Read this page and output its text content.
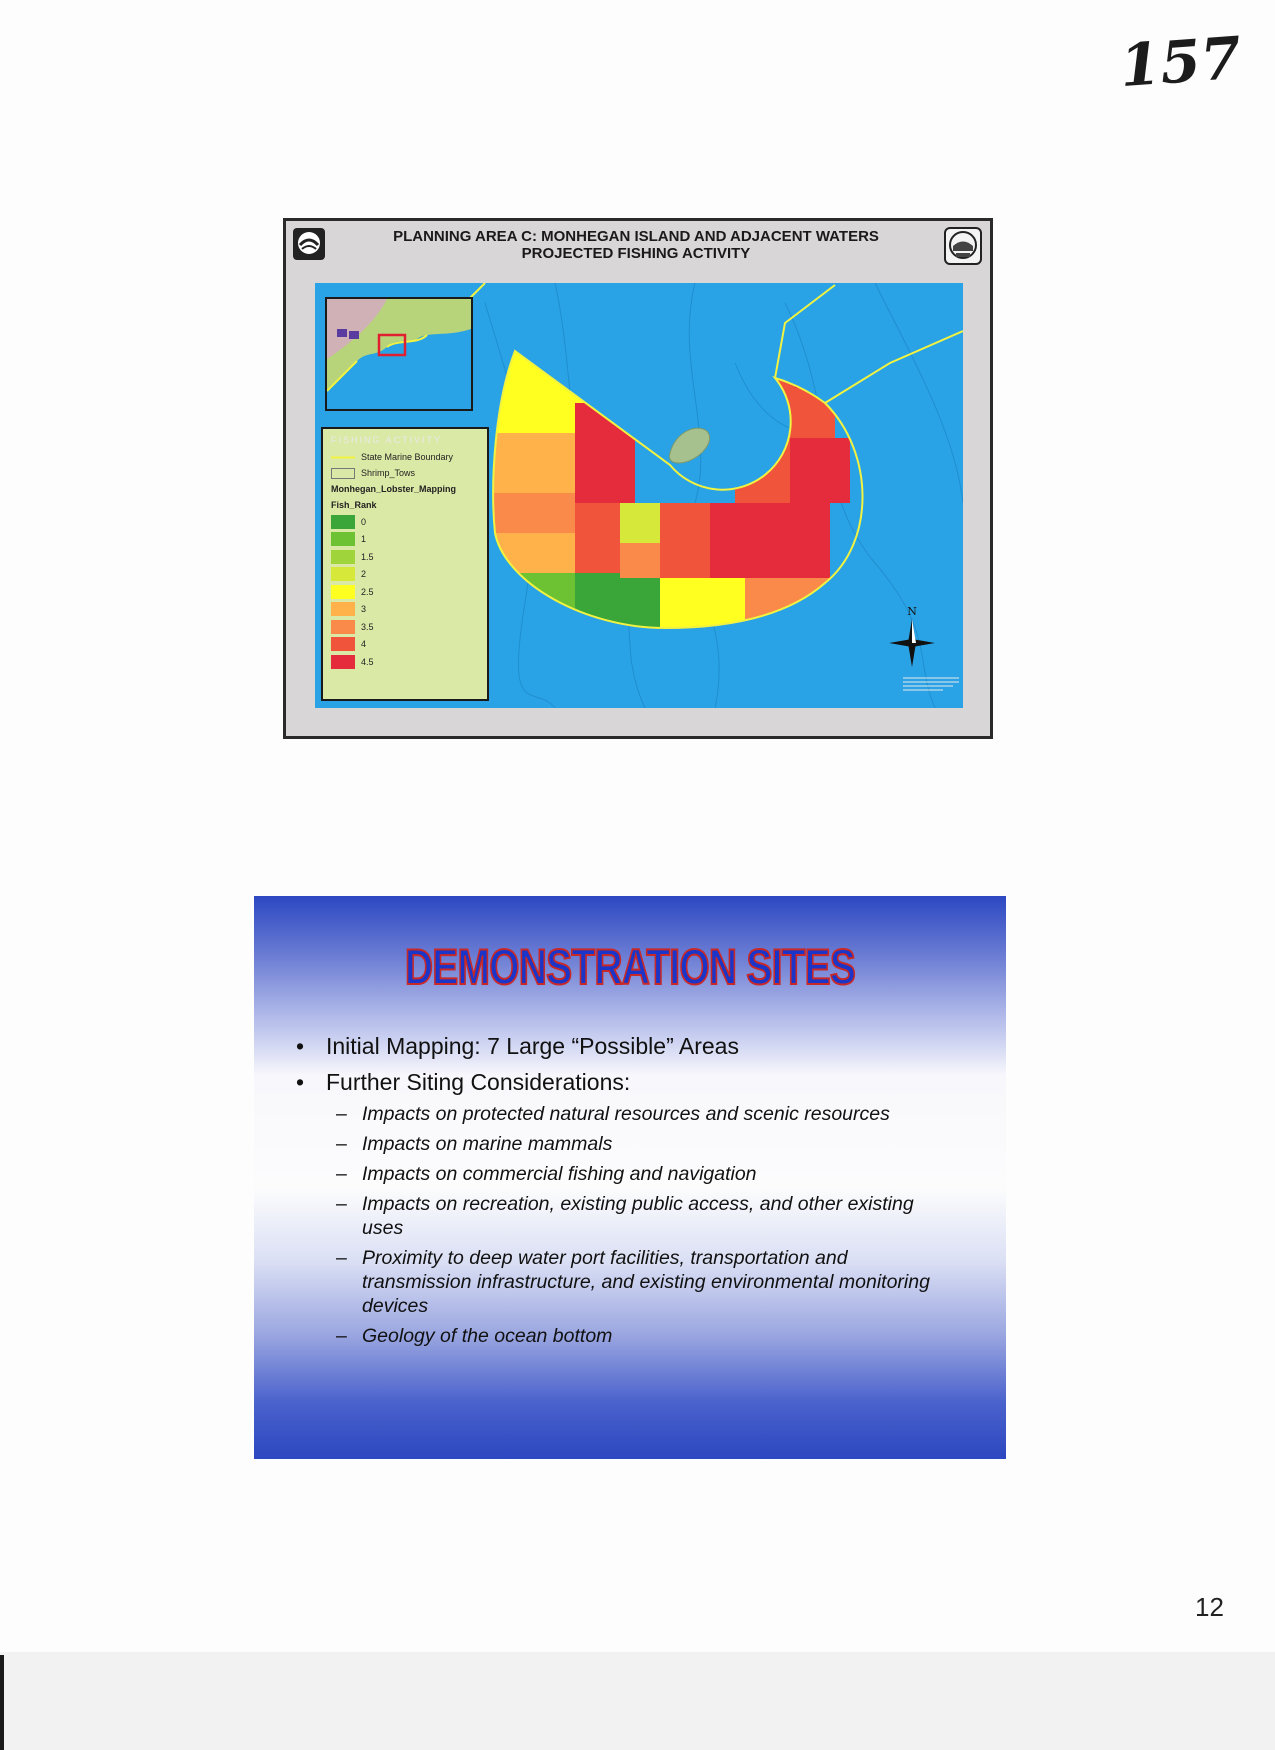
157
PLANNING AREA C: MONHEGAN ISLAND AND ADJACENT WATERS
PROJECTED FISHING ACTIVITY
FISHING ACTIVITY
State Marine Boundary
Shrimp_Tows
Monhegan_Lobster_Mapping
Fish_Rank
0
1
1.5
2
2.5
3
3.5
4
4.5
N
DEMONSTRATION SITES
• Initial Mapping: 7 Large “Possible” Areas
• Further Siting Considerations:
– Impacts on protected natural resources and scenic resources
– Impacts on marine mammals
– Impacts on commercial fishing and navigation
– Impacts on recreation, existing public access, and other existing uses
– Proximity to deep water port facilities, transportation and transmission infrastructure, and existing environmental monitoring devices
– Geology of the ocean bottom
12
